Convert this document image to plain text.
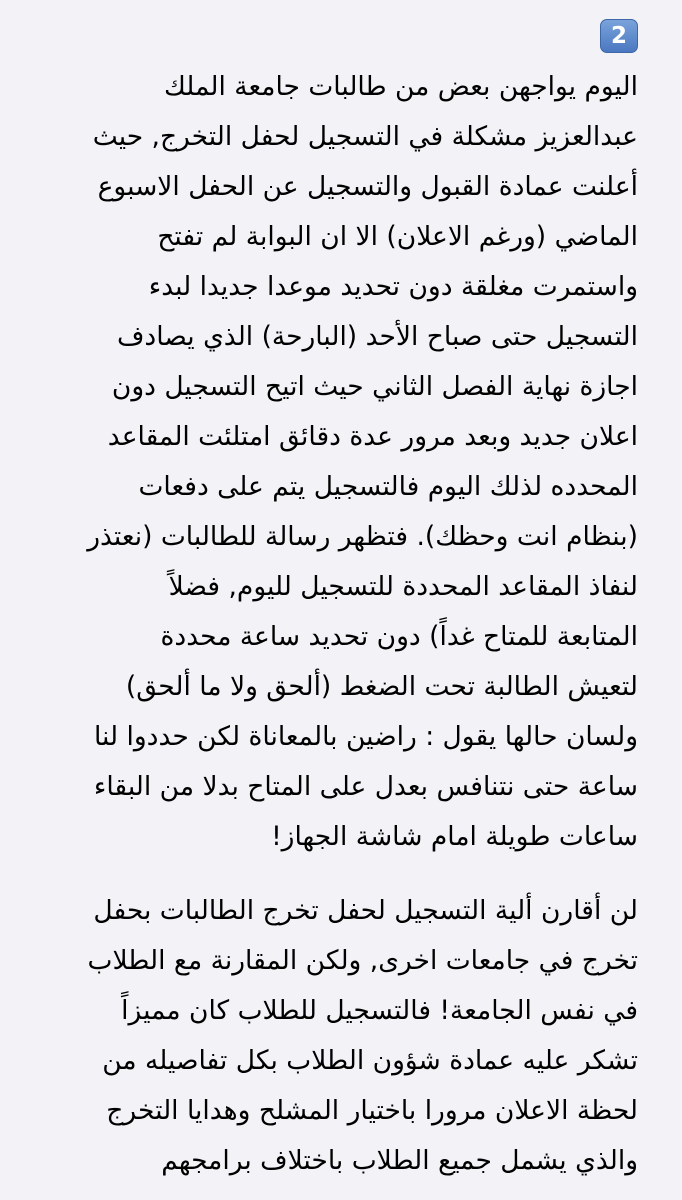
2
اليوم يواجهن بعض من طالبات جامعة الملك
عبدالعزيز مشكلة في التسجيل لحفل التخرج, حيث
أعلنت عمادة القبول والتسجيل عن الحفل الاسبوع
الماضي (ورغم الاعلان) الا ان البوابة لم تفتح
واستمرت مغلقة دون تحديد موعدا جديدا لبدء
التسجيل حتى صباح الأحد (البارحة) الذي يصادف
اجازة نهاية الفصل الثاني حيث اتيح التسجيل دون
اعلان جديد وبعد مرور عدة دقائق امتلئت المقاعد
المحدده لذلك اليوم فالتسجيل يتم على دفعات
(بنظام انت وحظك). فتظهر رسالة للطالبات (نعتذر
لنفاذ المقاعد المحددة للتسجيل لليوم, فضلاً
المتابعة للمتاح غداً) دون تحديد ساعة محددة
لتعيش الطالبة تحت الضغط (ألحق ولا ما ألحق)
ولسان حالها يقول : راضين بالمعاناة لكن حددوا لنا
ساعة حتى نتنافس بعدل على المتاح بدلا من البقاء
ساعات طويلة امام شاشة الجهاز!
لن أقارن ألية التسجيل لحفل تخرج الطالبات بحفل
تخرج في جامعات اخرى, ولكن المقارنة مع الطلاب
في نفس الجامعة! فالتسجيل للطلاب كان مميزاً
تشكر عليه عمادة شؤون الطلاب بكل تفاصيله من
لحظة الاعلان مرورا باختيار المشلح وهدايا التخرج
والذي يشمل جميع الطلاب باختلاف برامجهم
